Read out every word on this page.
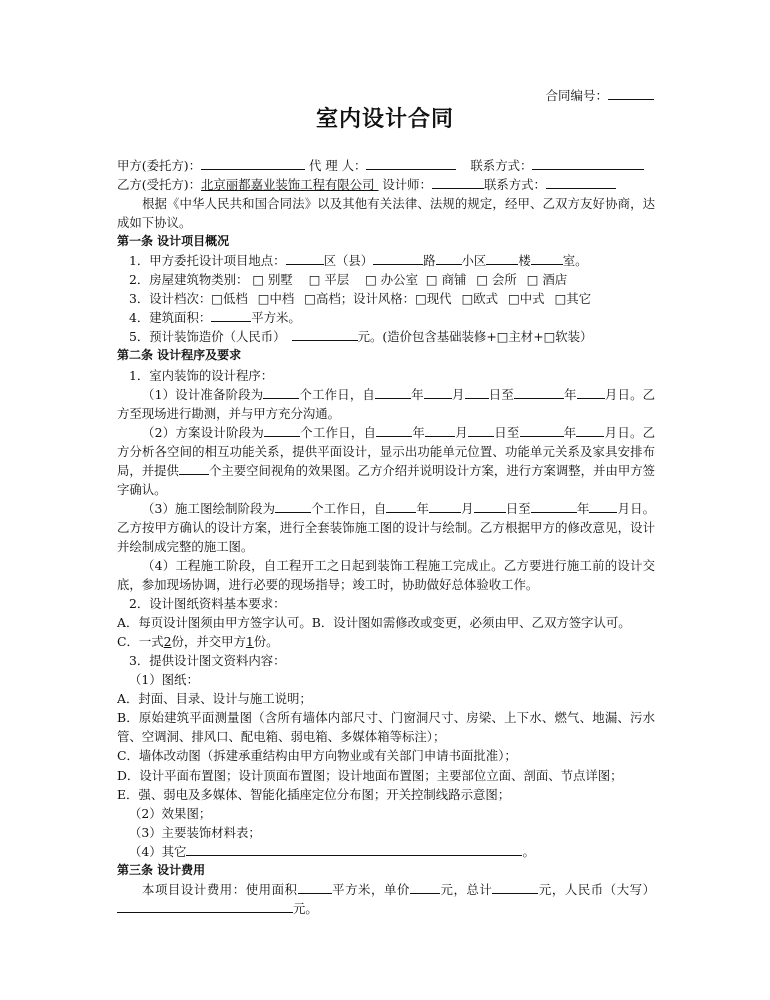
合同编号：
室内设计合同
甲方(委托方)：	代 理 人：	联系方式：
乙方(受托方)：北京丽都嘉业装饰工程有限公司 设计师：	联系方式：
根据《中华人民共和国合同法》以及其他有关法律、法规的规定，经甲、乙双方友好协商，达成如下协议。
第一条 设计项目概况
1．甲方委托设计项目地点：	区（县）	路 小区	楼	室。
2．房屋建筑物类别： □ 别墅 □ 平层 □ 办公室 □ 商铺 □ 会所 □ 酒店
3．设计档次：□低档 □中档 □高档；设计风格：□现代 □欧式 □中式 □其它
4．建筑面积：	平方米。
5．预计装饰造价（人民币）	元。(造价包含基础装修+□主材+□软装）
第二条 设计程序及要求
1．室内装饰的设计程序：
（1）设计准备阶段为	个工作日，自	年 月 日至	年 月日。乙方至现场进行勘测，并与甲方充分沟通。
（2）方案设计阶段为	个工作日，自	年 月 日至	年 月日。乙方分析各空间的相互功能关系，提供平面设计，显示出功能单元位置、功能单元关系及家具安排布局，并提供 个主要空间视角的效果图。乙方介绍并说明设计方案，进行方案调整，并由甲方签字确认。
（3）施工图绘制阶段为	个工作日，自 年	月	日至	年 月日。乙方按甲方确认的设计方案，进行全套装饰施工图的设计与绘制。乙方根据甲方的修改意见，设计并绘制成完整的施工图。
（4）工程施工阶段，自工程开工之日起到装饰工程施工完成止。乙方要进行施工前的设计交底，参加现场协调，进行必要的现场指导；竣工时，协助做好总体验收工作。
2．设计图纸资料基本要求：
A．每页设计图须由甲方签字认可。B．设计图如需修改或变更，必须由甲、乙双方签字认可。
C．一式2份，并交甲方1份。
3．提供设计图文资料内容：
（1）图纸：
A．封面、目录、设计与施工说明；
B．原始建筑平面测量图（含所有墙体内部尺寸、门窗洞尺寸、房梁、上下水、燃气、地漏、污水管、空调洞、排风口、配电箱、弱电箱、多媒体箱等标注）；
C．墙体改动图（拆建承重结构由甲方向物业或有关部门申请书面批准）；
D．设计平面布置图；设计顶面布置图；设计地面布置图；主要部位立面、剖面、节点详图；
E．强、弱电及多媒体、智能化插座定位分布图；开关控制线路示意图；
（2）效果图；
（3）主要装饰材料表；
（4）其它	。
第三条 设计费用
本项目设计费用：使用面积	平方米，单价 元，总计	元，人民币（大写）元。
